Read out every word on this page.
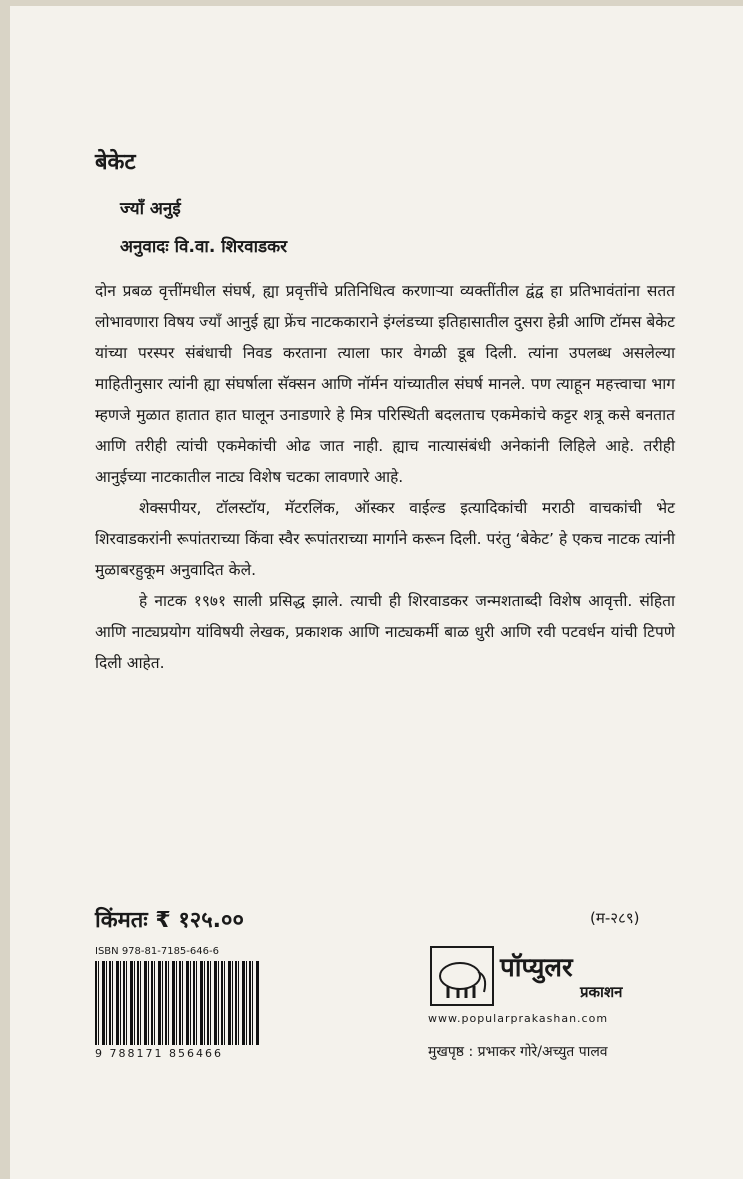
बेकेट
ज्याँ अनुई
अनुवादः वि.वा. शिरवाडकर

दोन प्रबळ वृत्तींमधील संघर्ष, ह्या प्रवृत्तींचे प्रतिनिधित्व करणाऱ्या व्यक्तींतील द्वंद्व हा प्रतिभावंतांना सतत लोभावणारा विषय ज्याँ आनुई ह्या फ्रेंच नाटककाराने इंग्लंडच्या इतिहासातील दुसरा हेन्री आणि टॉमस बेकेट यांच्या परस्पर संबंधाची निवड करताना त्याला फार वेगळी डूब दिली. त्यांना उपलब्ध असलेल्या माहितीनुसार त्यांनी ह्या संघर्षाला सॅक्सन आणि नॉर्मन यांच्यातील संघर्ष मानले. पण त्याहून महत्त्वाचा भाग म्हणजे मुळात हातात हात घालून उनाडणारे हे मित्र परिस्थिती बदलताच एकमेकांचे कट्टर शत्रू कसे बनतात आणि तरीही त्यांची एकमेकांची ओढ जात नाही. ह्याच नात्यासंबंधी अनेकांनी लिहिले आहे. तरीही आनुईच्या नाटकातील नाट्य विशेष चटका लावणारे आहे.

शेक्सपीयर, टॉलस्टॉय, मॅटरलिंक, ऑस्कर वाईल्ड इत्यादिकांची मराठी वाचकांची भेट शिरवाडकरांनी रूपांतराच्या किंवा स्वैर रूपांतराच्या मार्गाने करून दिली. परंतु ‘बेकेट’ हे एकच नाटक त्यांनी मुळाबरहुकूम अनुवादित केले.

हे नाटक १९७१ साली प्रसिद्ध झाले. त्याची ही शिरवाडकर जन्मशताब्दी विशेष आवृत्ती. संहिता आणि नाट्यप्रयोग यांविषयी लेखक, प्रकाशक आणि नाट्यकर्मी बाळ धुरी आणि रवी पटवर्धन यांची टिपणे दिली आहेत.

किंमतः ₹ १२५.००	(म-२८९)
ISBN 978-81-7185-646-6
9 788171 856466
पॉप्युलर
प्रकाशन
www.popularprakashan.com
मुखपृष्ठ : प्रभाकर गोरे/अच्युत पालव
